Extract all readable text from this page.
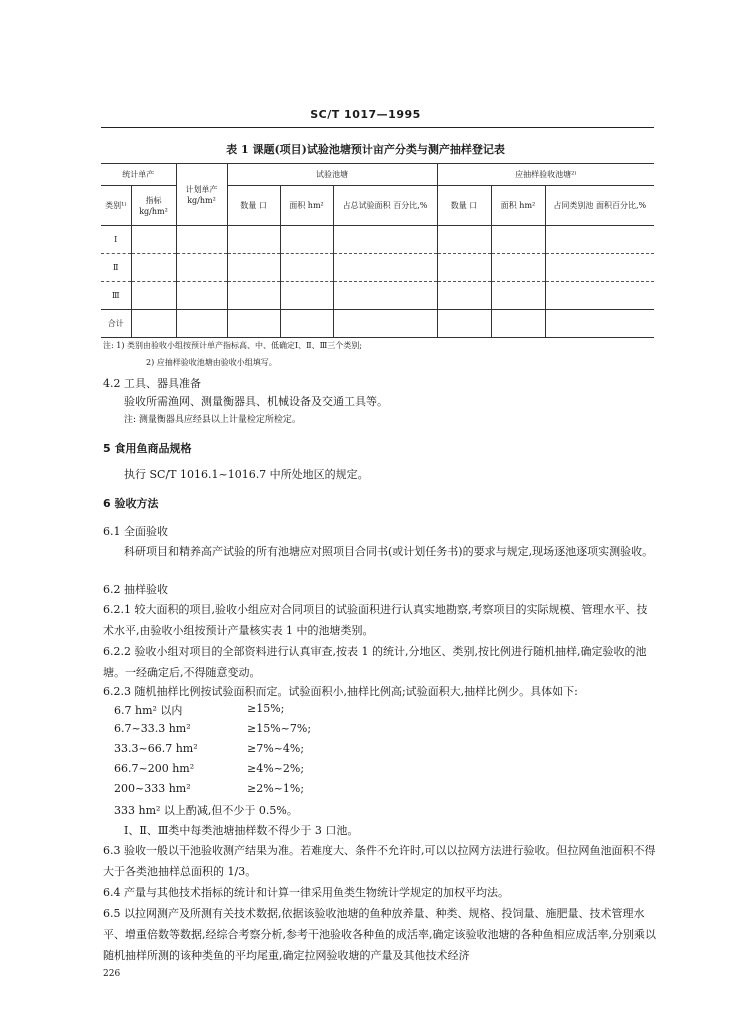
SC/T 1017—1995
表 1 课题(项目)试验池塘预计亩产分类与测产抽样登记表
统计单产		计划单产 kg/hm²	试验池塘			应抽样验收池塘²⁾		
类别¹⁾	指标 kg/hm²		数量 口	面积 hm²	占总试验面积 百分比,%	数量 口	面积 hm²	占同类别池 面积百分比,%
Ⅰ								
Ⅱ								
Ⅲ								
合计								
注: 1) 类别由验收小组按预计单产指标高、中、低确定Ⅰ、Ⅱ、Ⅲ三个类别;
2) 应抽样验收池塘由验收小组填写。
4.2 工具、器具准备
验收所需渔网、测量衡器具、机械设备及交通工具等。
注: 测量衡器具应经县以上计量检定所检定。
5 食用鱼商品规格
执行 SC/T 1016.1~1016.7 中所处地区的规定。
6 验收方法
6.1 全面验收
科研项目和精养高产试验的所有池塘应对照项目合同书(或计划任务书)的要求与规定,现场逐池逐项实测验收。
6.2 抽样验收
6.2.1 较大面积的项目,验收小组应对合同项目的试验面积进行认真实地勘察,考察项目的实际规模、管理水平、技术水平,由验收小组按预计产量核实表 1 中的池塘类别。
6.2.2 验收小组对项目的全部资料进行认真审查,按表 1 的统计,分地区、类别,按比例进行随机抽样,确定验收的池塘。一经确定后,不得随意变动。
6.2.3 随机抽样比例按试验面积而定。试验面积小,抽样比例高;试验面积大,抽样比例少。具体如下:
6.7 hm² 以内	≥15%;
6.7~33.3 hm²	≥15%~7%;
33.3~66.7 hm²	≥7%~4%;
66.7~200 hm²	≥4%~2%;
200~333 hm²	≥2%~1%;
333 hm² 以上酌减,但不少于 0.5%。
Ⅰ、Ⅱ、Ⅲ类中每类池塘抽样数不得少于 3 口池。
6.3 验收一般以干池验收测产结果为准。若难度大、条件不允许时,可以以拉网方法进行验收。但拉网鱼池面积不得大于各类池抽样总面积的 1/3。
6.4 产量与其他技术指标的统计和计算一律采用鱼类生物统计学规定的加权平均法。
6.5 以拉网测产及所测有关技术数据,依据该验收池塘的鱼种放养量、种类、规格、投饲量、施肥量、技术管理水平、增重倍数等数据,经综合考察分析,参考干池验收各种鱼的成活率,确定该验收池塘的各种鱼相应成活率,分别乘以随机抽样所测的该种类鱼的平均尾重,确定拉网验收塘的产量及其他技术经济
226
